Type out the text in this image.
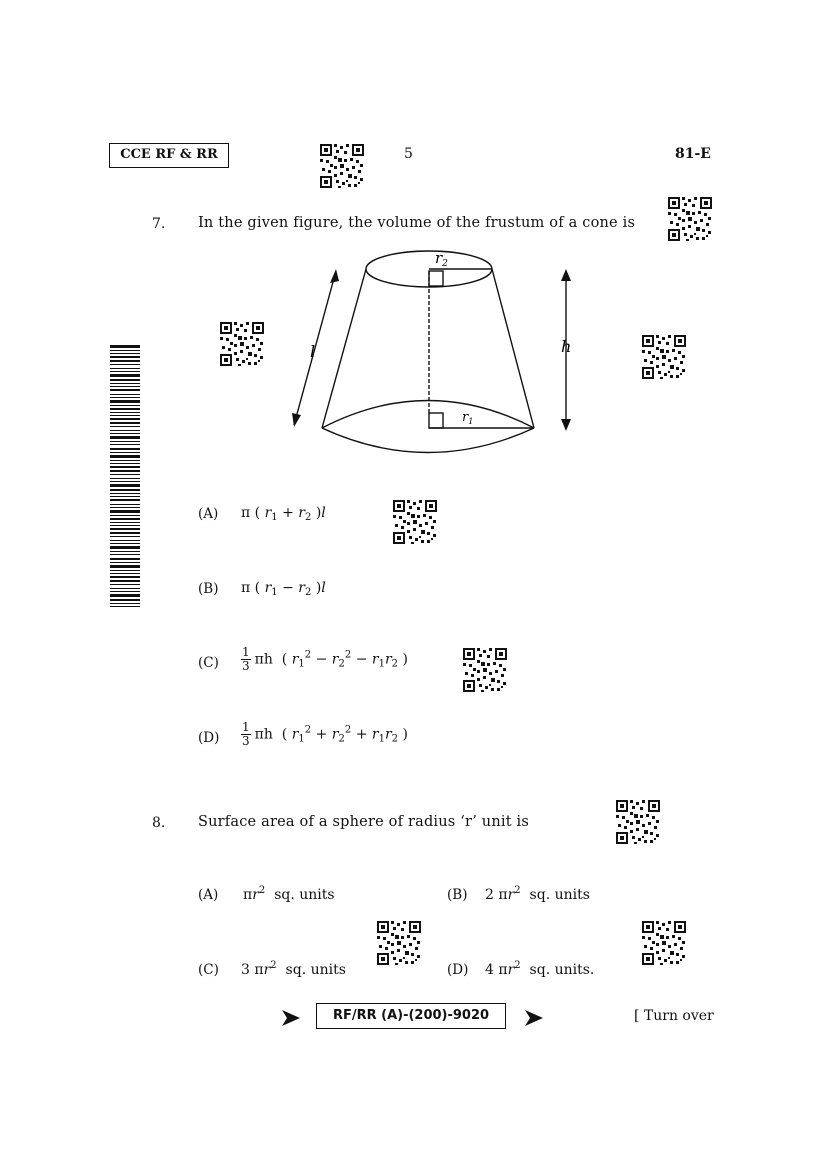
CCE RF & RR	5	81-E
7. In the given figure, the volume of the frustum of a cone is
$r_2$
$r_1$
l	h
(A) π ( $r_1 + r_2$ )l
(B) π ( $r_1 - r_2$ )l
$(C) \frac{1}{3}$ πh ( $r_1^2 - r_2^2 - r_1r_2$ )
$(D) \frac{1}{3}$ πh ( $r_1^2 + r_2^2 + r_1r_2$ )
8. Surface area of a sphere of radius ‘r’ unit is
(A) $\pi r^2$ sq. units	(B) 2 $\pi r^2$ sq. units
(C) 3 $\pi r^2$ sq. units	(D) 4 $\pi r^2$ sq. units.
RF/RR (A)-(200)-9020	[ Turn over
